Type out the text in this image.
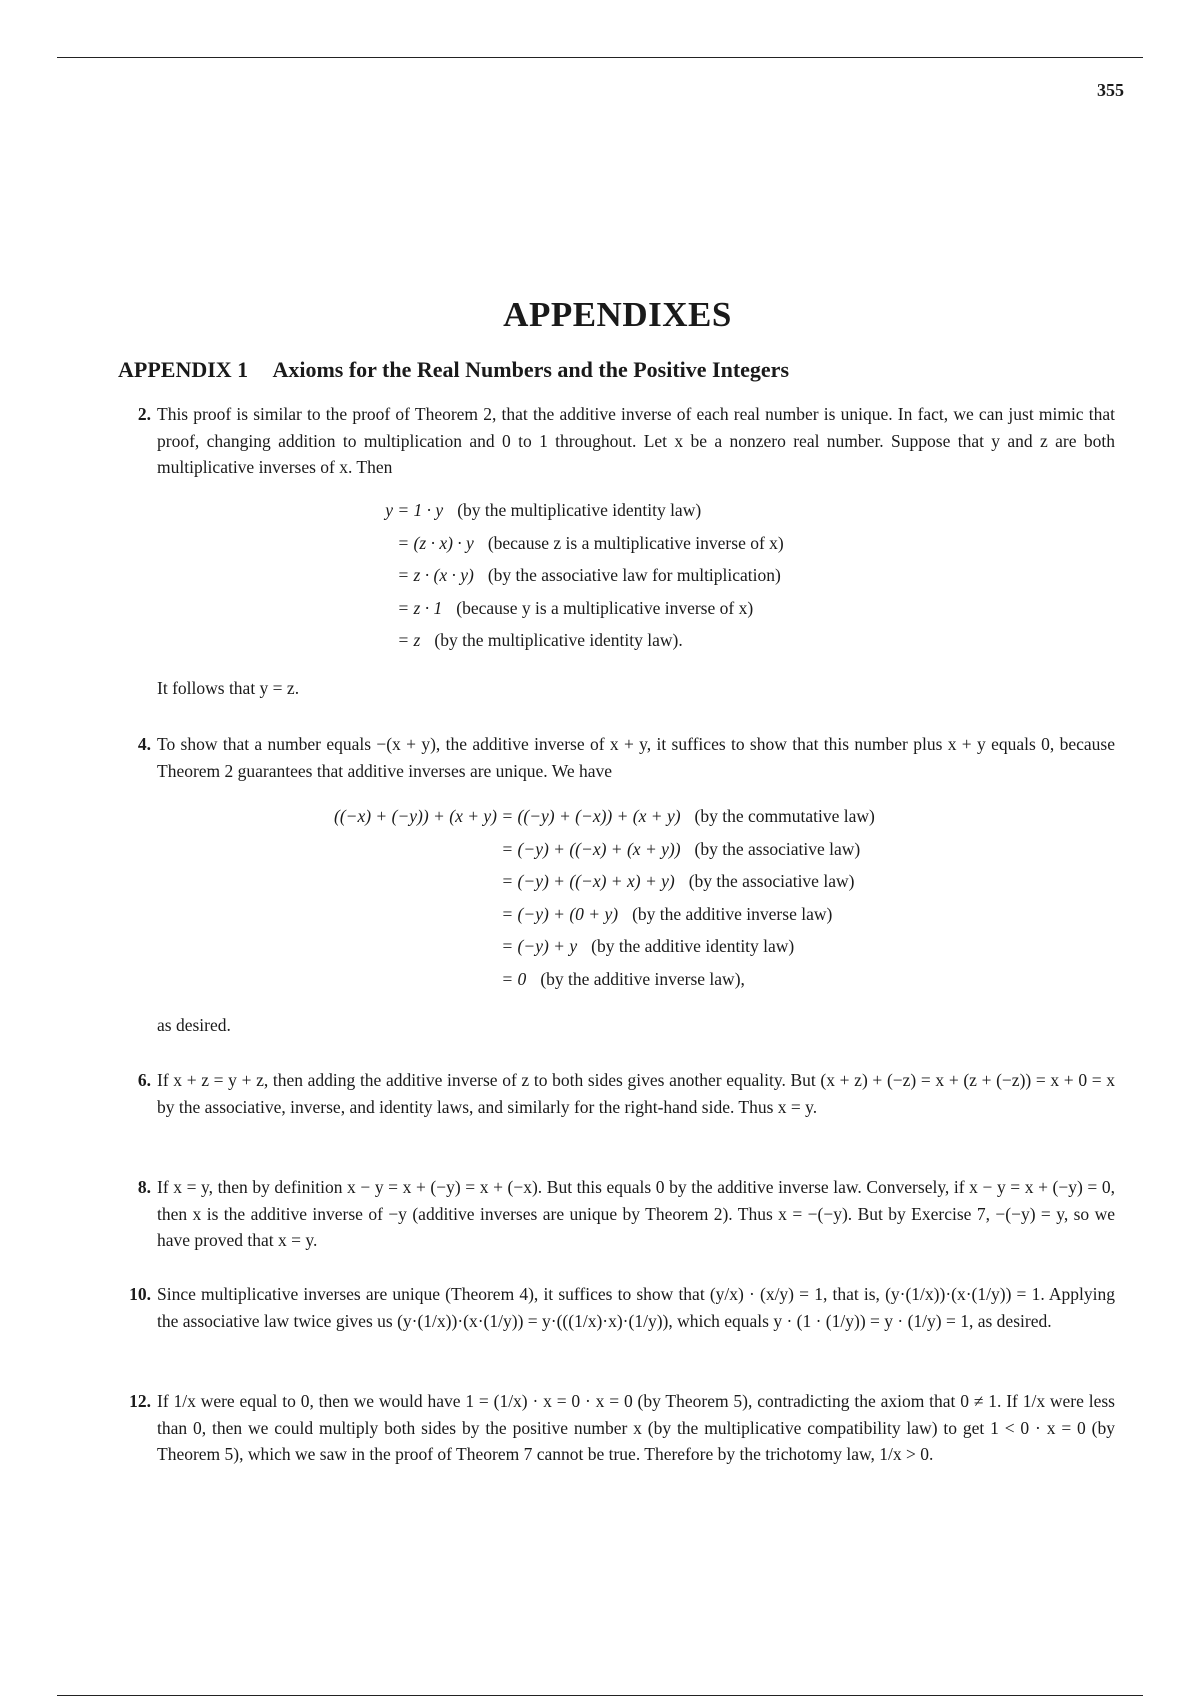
355
APPENDIXES
APPENDIX 1 Axioms for the Real Numbers and the Positive Integers
2. This proof is similar to the proof of Theorem 2, that the additive inverse of each real number is unique. In fact, we can just mimic that proof, changing addition to multiplication and 0 to 1 throughout. Let x be a nonzero real number. Suppose that y and z are both multiplicative inverses of x. Then

y = 1 · y (by the multiplicative identity law)
= (z · x) · y (because z is a multiplicative inverse of x)
= z · (x · y) (by the associative law for multiplication)
= z · 1 (because y is a multiplicative inverse of x)
= z (by the multiplicative identity law).
It follows that y = z.
4. To show that a number equals −(x + y), the additive inverse of x + y, it suffices to show that this number plus x + y equals 0, because Theorem 2 guarantees that additive inverses are unique. We have

((−x) + (−y)) + (x + y) = ((−y) + (−x)) + (x + y) (by the commutative law)
= (−y) + ((−x) + (x + y)) (by the associative law)
= (−y) + ((−x) + x) + y) (by the associative law)
= (−y) + (0 + y) (by the additive inverse law)
= (−y) + y (by the additive identity law)
= 0 (by the additive inverse law),
as desired.
6. If x + z = y + z, then adding the additive inverse of z to both sides gives another equality. But (x + z) + (−z) = x + (z + (−z)) = x + 0 = x by the associative, inverse, and identity laws, and similarly for the right-hand side. Thus x = y.

8. If x = y, then by definition x − y = x + (−y) = x + (−x). But this equals 0 by the additive inverse law. Conversely, if x − y = x + (−y) = 0, then x is the additive inverse of −y (additive inverses are unique by Theorem 2). Thus x = −(−y). But by Exercise 7, −(−y) = y, so we have proved that x = y.

10. Since multiplicative inverses are unique (Theorem 4), it suffices to show that (y/x) · (x/y) = 1, that is, (y·(1/x))·(x·(1/y)) = 1. Applying the associative law twice gives us (y·(1/x))·(x·(1/y)) = y·(((1/x)·x)·(1/y)), which equals y · (1 · (1/y)) = y · (1/y) = 1, as desired.

12. If 1/x were equal to 0, then we would have 1 = (1/x) · x = 0 · x = 0 (by Theorem 5), contradicting the axiom that 0 ≠ 1. If 1/x were less than 0, then we could multiply both sides by the positive number x (by the multiplicative compatibility law) to get 1 < 0 · x = 0 (by Theorem 5), which we saw in the proof of Theorem 7 cannot be true. Therefore by the trichotomy law, 1/x > 0.
